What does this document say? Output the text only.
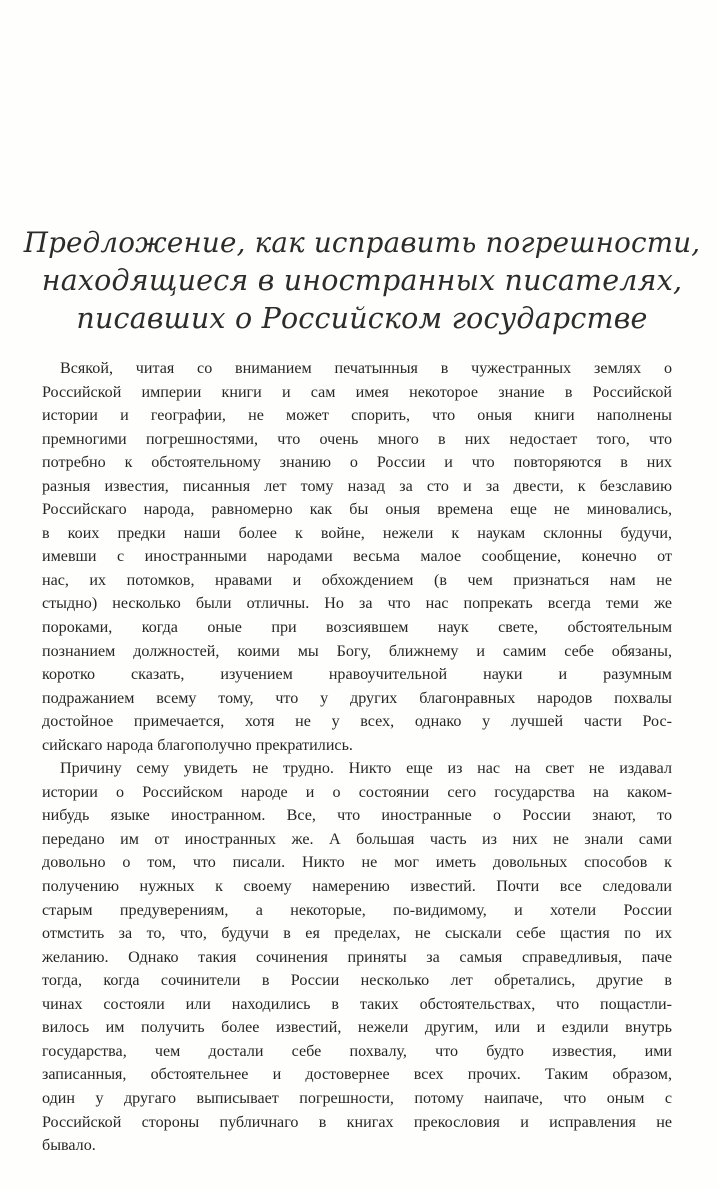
Предложение, как исправить погрешности,
находящиеся в иностранных писателях,
писавших о Российском государстве
Всякой, читая со вниманием печатынныя в чужестранных землях о
Российской империи книги и сам имея некоторое знание в Российской
истории и географии, не может спорить, что оныя книги наполнены
премногими погрешностями, что очень много в них недостает того, что
потребно к обстоятельному знанию о России и что повторяются в них
разныя известия, писанныя лет тому назад за сто и за двести, к безславию
Российскаго народа, равномерно как бы оныя времена еще не миновались,
в коих предки наши более к войне, нежели к наукам склонны будучи,
имевши с иностранными народами весьма малое сообщение, конечно от
нас, их потомков, нравами и обхождением (в чем признаться нам не
стыдно) несколько были отличны. Но за что нас попрекать всегда теми же
пороками, когда оные при возсиявшем наук свете, обстоятельным
познанием должностей, коими мы Богу, ближнему и самим себе обязаны,
коротко сказать, изучением нравоучительной науки и разумным
подражанием всему тому, что у других благонравных народов похвалы
достойное примечается, хотя не у всех, однако у лучшей части Рос-
сийскаго народа благополучно прекратились.
Причину сему увидеть не трудно. Никто еще из нас на свет не издавал
истории о Российском народе и о состоянии сего государства на каком-
нибудь языке иностранном. Все, что иностранные о России знают, то
передано им от иностранных же. А большая часть из них не знали сами
довольно о том, что писали. Никто не мог иметь довольных способов к
получению нужных к своему намерению известий. Почти все следовали
старым предуверениям, а некоторые, по-видимому, и хотели России
отмстить за то, что, будучи в ея пределах, не сыскали себе щастия по их
желанию. Однако такия сочинения приняты за самыя справедливыя, паче
тогда, когда сочинители в России несколько лет обретались, другие в
чинах состояли или находились в таких обстоятельствах, что пощастли-
вилось им получить более известий, нежели другим, или и ездили внутрь
государства, чем достали себе похвалу, что будто известия, ими
записанныя, обстоятельнее и достовернее всех прочих. Таким образом,
один у другаго выписывает погрешности, потому наипаче, что оным с
Российской стороны публичнаго в книгах прекословия и исправления не
бывало.
